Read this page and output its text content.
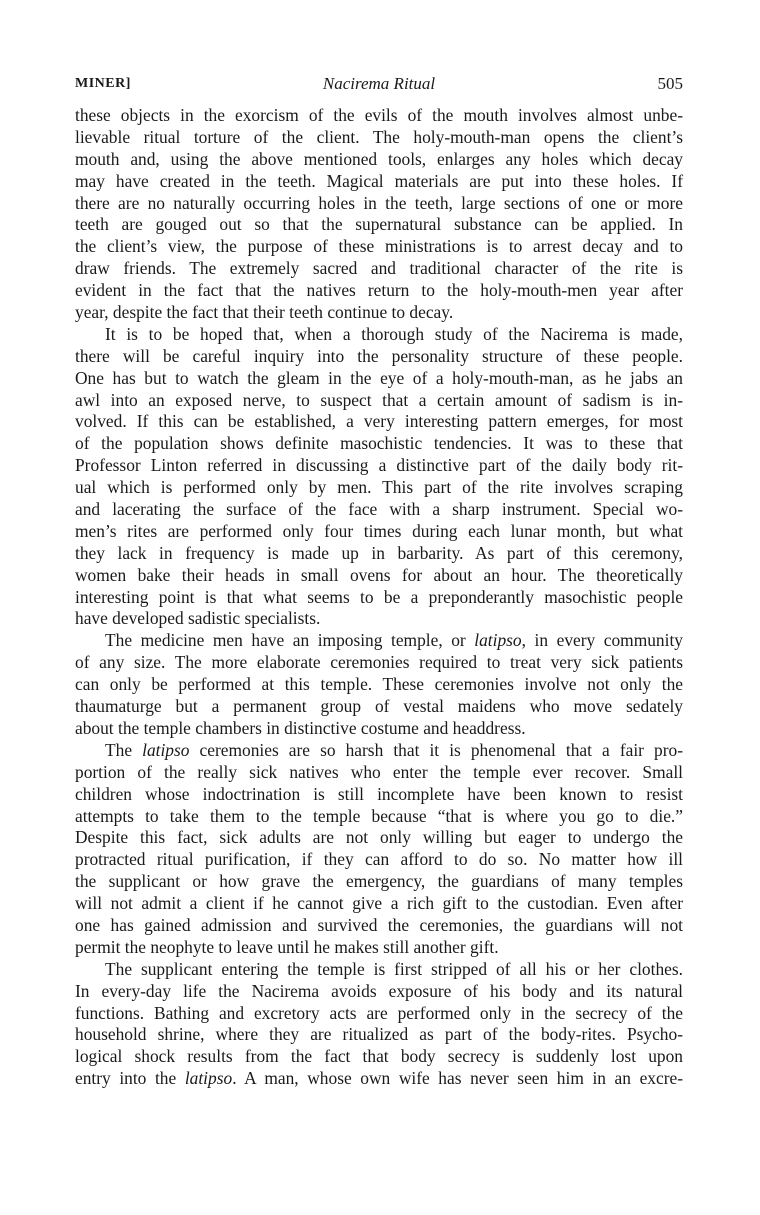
MINER]	Nacirema Ritual	505
these objects in the exorcism of the evils of the mouth involves almost unbe-
lievable ritual torture of the client. The holy-mouth-man opens the client’s
mouth and, using the above mentioned tools, enlarges any holes which decay
may have created in the teeth. Magical materials are put into these holes. If
there are no naturally occurring holes in the teeth, large sections of one or more
teeth are gouged out so that the supernatural substance can be applied. In
the client’s view, the purpose of these ministrations is to arrest decay and to
draw friends. The extremely sacred and traditional character of the rite is
evident in the fact that the natives return to the holy-mouth-men year after
year, despite the fact that their teeth continue to decay.
It is to be hoped that, when a thorough study of the Nacirema is made,
there will be careful inquiry into the personality structure of these people.
One has but to watch the gleam in the eye of a holy-mouth-man, as he jabs an
awl into an exposed nerve, to suspect that a certain amount of sadism is in-
volved. If this can be established, a very interesting pattern emerges, for most
of the population shows definite masochistic tendencies. It was to these that
Professor Linton referred in discussing a distinctive part of the daily body rit-
ual which is performed only by men. This part of the rite involves scraping
and lacerating the surface of the face with a sharp instrument. Special wo-
men’s rites are performed only four times during each lunar month, but what
they lack in frequency is made up in barbarity. As part of this ceremony,
women bake their heads in small ovens for about an hour. The theoretically
interesting point is that what seems to be a preponderantly masochistic people
have developed sadistic specialists.
The medicine men have an imposing temple, or latipso, in every community
of any size. The more elaborate ceremonies required to treat very sick patients
can only be performed at this temple. These ceremonies involve not only the
thaumaturge but a permanent group of vestal maidens who move sedately
about the temple chambers in distinctive costume and headdress.
The latipso ceremonies are so harsh that it is phenomenal that a fair pro-
portion of the really sick natives who enter the temple ever recover. Small
children whose indoctrination is still incomplete have been known to resist
attempts to take them to the temple because “that is where you go to die.”
Despite this fact, sick adults are not only willing but eager to undergo the
protracted ritual purification, if they can afford to do so. No matter how ill
the supplicant or how grave the emergency, the guardians of many temples
will not admit a client if he cannot give a rich gift to the custodian. Even after
one has gained admission and survived the ceremonies, the guardians will not
permit the neophyte to leave until he makes still another gift.
The supplicant entering the temple is first stripped of all his or her clothes.
In every-day life the Nacirema avoids exposure of his body and its natural
functions. Bathing and excretory acts are performed only in the secrecy of the
household shrine, where they are ritualized as part of the body-rites. Psycho-
logical shock results from the fact that body secrecy is suddenly lost upon
entry into the latipso. A man, whose own wife has never seen him in an excre-
